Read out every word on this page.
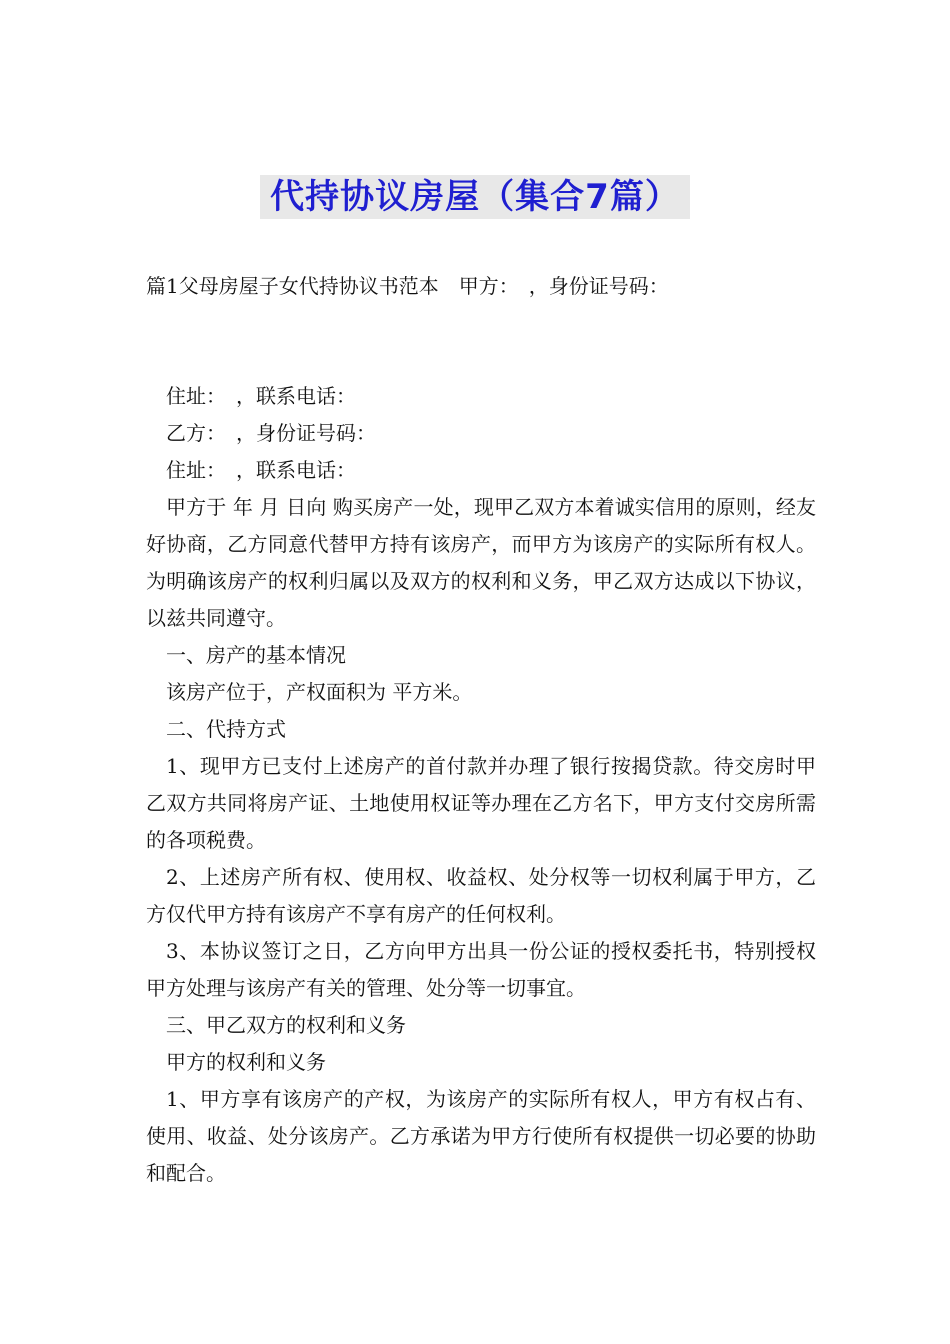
代持协议房屋（集合7篇）
篇1父母房屋子女代持协议书范本　甲方：　，身份证号码：

住址：　，联系电话：

乙方：　，身份证号码：

住址：　，联系电话：

甲方于 年 月 日向 购买房产一处，现甲乙双方本着诚实信用的原则，经友好协商，乙方同意代替甲方持有该房产，而甲方为该房产的实际所有权人。为明确该房产的权利归属以及双方的权利和义务，甲乙双方达成以下协议，以兹共同遵守。

一、房产的基本情况

该房产位于，产权面积为 平方米。

二、代持方式

1、现甲方已支付上述房产的首付款并办理了银行按揭贷款。待交房时甲乙双方共同将房产证、土地使用权证等办理在乙方名下，甲方支付交房所需的各项税费。

2、上述房产所有权、使用权、收益权、处分权等一切权利属于甲方，乙方仅代甲方持有该房产不享有房产的任何权利。

3、本协议签订之日，乙方向甲方出具一份公证的授权委托书，特别授权甲方处理与该房产有关的管理、处分等一切事宜。

三、甲乙双方的权利和义务

甲方的权利和义务

1、甲方享有该房产的产权，为该房产的实际所有权人，甲方有权占有、使用、收益、处分该房产。乙方承诺为甲方行使所有权提供一切必要的协助和配合。
